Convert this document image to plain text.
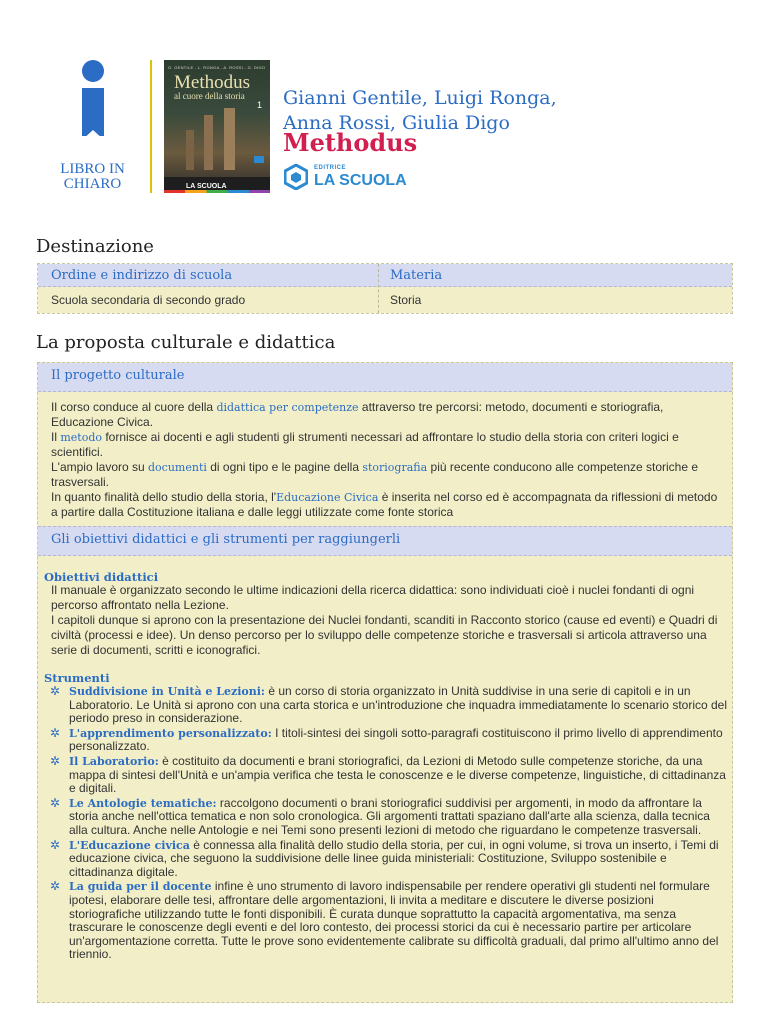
LIBRO IN
CHIARO
G. GENTILE - L. RONGA - A. ROSSI - G. DIGO
Methodus
al cuore della storia
1
LA SCUOLA
Gianni Gentile, Luigi Ronga,
Anna Rossi, Giulia Digo
Methodus
EDITRICE
LA SCUOLA
Destinazione
Ordine e indirizzo di scuola	Materia
Scuola secondaria di secondo grado	Storia
La proposta culturale e didattica
Il progetto culturale

Il corso conduce al cuore della didattica per competenze attraverso tre percorsi: metodo, documenti e storiografia, Educazione Civica.

Il metodo fornisce ai docenti e agli studenti gli strumenti necessari ad affrontare lo studio della storia con criteri logici e scientifici.

L'ampio lavoro su documenti di ogni tipo e le pagine della storiografia più recente conducono alle competenze storiche e trasversali.

In quanto finalità dello studio della storia, l'Educazione Civica è inserita nel corso ed è accompagnata da riflessioni di metodo a partire dalla Costituzione italiana e dalle leggi utilizzate come fonte storica

Gli obiettivi didattici e gli strumenti per raggiungerli
Obiettivi didattici

Il manuale è organizzato secondo le ultime indicazioni della ricerca didattica: sono individuati cioè i nuclei fondanti di ogni percorso affrontato nella Lezione.

I capitoli dunque si aprono con la presentazione dei Nuclei fondanti, scanditi in Racconto storico (cause ed eventi) e Quadri di civiltà (processi e idee). Un denso percorso per lo sviluppo delle competenze storiche e trasversali si articola attraverso una serie di documenti, scritti e iconografici.

Strumenti
✲ Suddivisione in Unità e Lezioni: è un corso di storia organizzato in Unità suddivise in una serie di capitoli e in un Laboratorio. Le Unità si aprono con una carta storica e un'introduzione che inquadra immediatamente lo scenario storico del periodo preso in considerazione.
✲ L'apprendimento personalizzato: I titoli-sintesi dei singoli sotto-paragrafi costituiscono il primo livello di apprendimento personalizzato.
✲ Il Laboratorio: è costituito da documenti e brani storiografici, da Lezioni di Metodo sulle competenze storiche, da una mappa di sintesi dell'Unità e un'ampia verifica che testa le conoscenze e le diverse competenze, linguistiche, di cittadinanza e digitali.
✲ Le Antologie tematiche: raccolgono documenti o brani storiografici suddivisi per argomenti, in modo da affrontare la storia anche nell'ottica tematica e non solo cronologica. Gli argomenti trattati spaziano dall'arte alla scienza, dalla tecnica alla cultura. Anche nelle Antologie e nei Temi sono presenti lezioni di metodo che riguardano le competenze trasversali.
✲ L'Educazione civica è connessa alla finalità dello studio della storia, per cui, in ogni volume, si trova un inserto, i Temi di educazione civica, che seguono la suddivisione delle linee guida ministeriali: Costituzione, Sviluppo sostenibile e cittadinanza digitale.
✲ La guida per il docente infine è uno strumento di lavoro indispensabile per rendere operativi gli studenti nel formulare ipotesi, elaborare delle tesi, affrontare delle argomentazioni, li invita a meditare e discutere le diverse posizioni storiografiche utilizzando tutte le fonti disponibili. È curata dunque soprattutto la capacità argomentativa, ma senza trascurare le conoscenze degli eventi e del loro contesto, dei processi storici da cui è necessario partire per articolare un'argomentazione corretta. Tutte le prove sono evidentemente calibrate su difficoltà graduali, dal primo all'ultimo anno del triennio.
